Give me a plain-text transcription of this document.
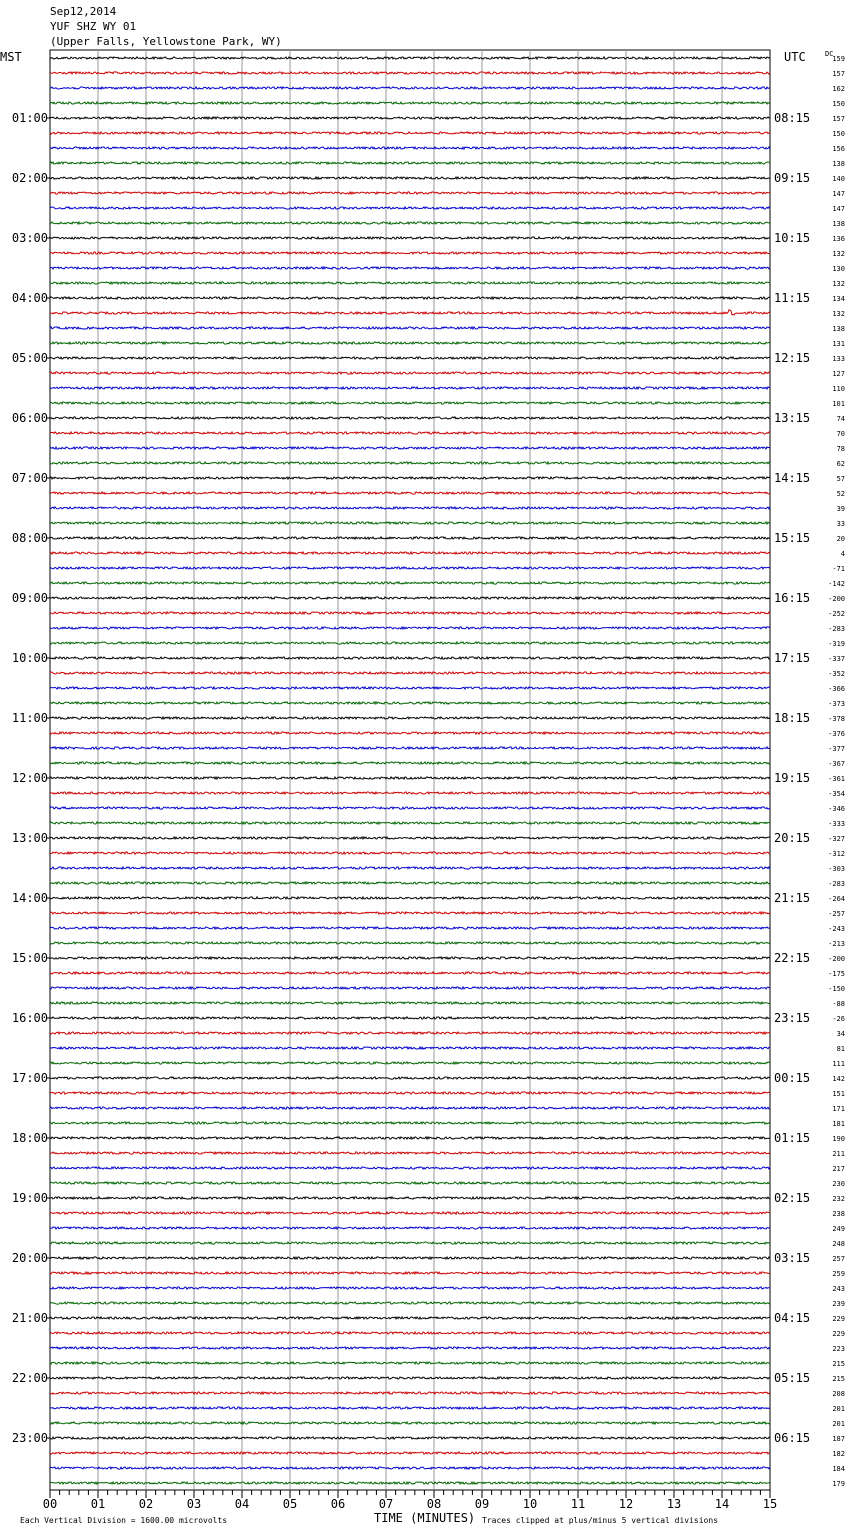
Sep12,2014
YUF SHZ WY 01
(Upper Falls, Yellowstone Park, WY)
MST	UTC	DC
TIME (MINUTES)
Each Vertical Division = 1600.00 microvolts	Traces clipped at plus/minus 5 vertical divisions
159
157
162
150
157
150
156
138
140
147
147
138
136
132
130
132
134
132
138
131
133
127
110
101
74
70
78
62
57
52
39
33
20
4
-71
-142
-200
-252
-283
-319
-337
-352
-366
-373
-378
-376
-377
-367
-361
-354
-346
-333
-327
-312
-303
-283
-264
-257
-243
-213
-200
-175
-150
-88
-26
34
81
111
142
151
171
181
190
211
217
230
232
238
249
248
257
259
243
239
229
229
223
215
215
208
201
201
187
182
184
179
01:00
02:00
03:00
04:00
05:00
06:00
07:00
08:00
09:00
10:00
11:00
12:00
13:00
14:00
15:00
16:00
17:00
18:00
19:00
20:00
21:00
22:00
23:00
08:15
09:15
10:15
11:15
12:15
13:15
14:15
15:15
16:15
17:15
18:15
19:15
20:15
21:15
22:15
23:15
00:15
01:15
02:15
03:15
04:15
05:15
06:15
00	01	02	03	04	05	06	07	08	09	10	11	12	13	14	15
